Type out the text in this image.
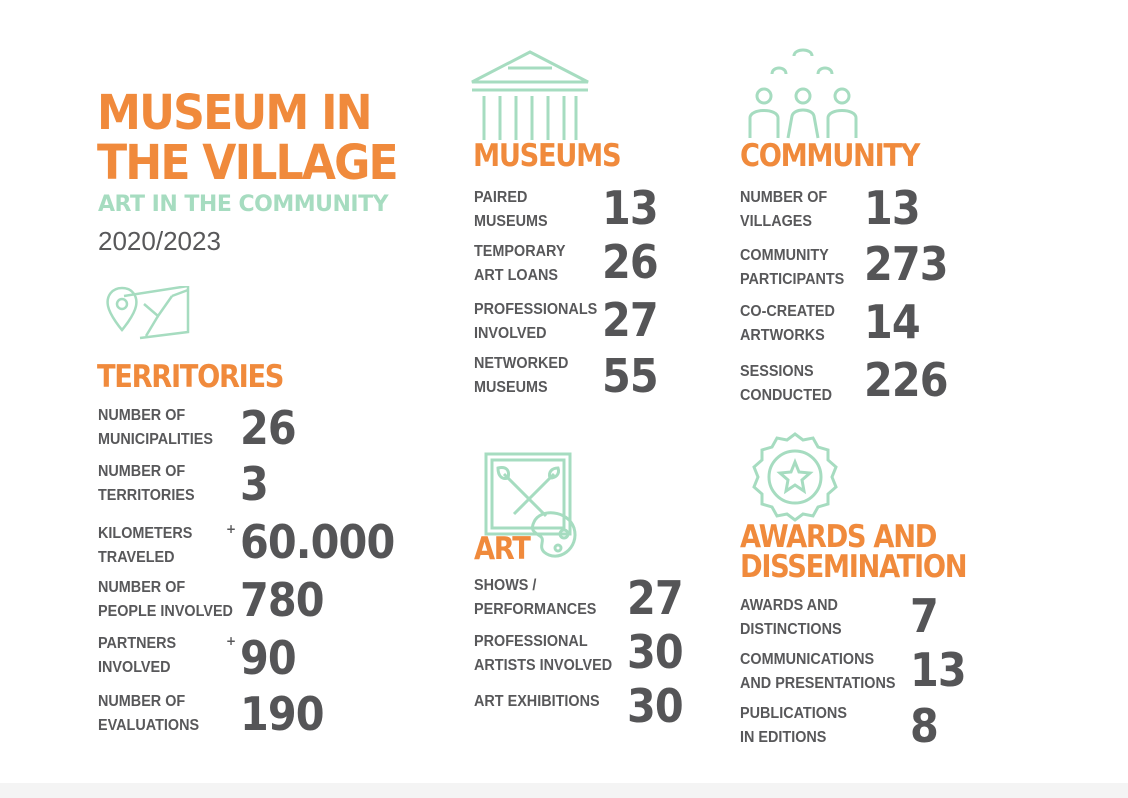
MUSEUM IN
THE VILLAGE
ART IN THE COMMUNITY
2020/2023
TERRITORIES
NUMBER OF
MUNICIPALITIES 26
NUMBER OF
TERRITORIES 3
KILOMETERS
TRAVELED
+ 60.000
NUMBER OF
PEOPLE INVOLVED 780
PARTNERS
INVOLVED
+ 90
NUMBER OF
EVALUATIONS 190
MUSEUMS
PAIRED
MUSEUMS 13
TEMPORARY
ART LOANS 26
PROFESSIONALS
INVOLVED 27
NETWORKED
MUSEUMS 55
ART
SHOWS /
PERFORMANCES 27
PROFESSIONAL
ARTISTS INVOLVED 30
ART EXHIBITIONS 30
COMMUNITY
NUMBER OF
VILLAGES 13
COMMUNITY
PARTICIPANTS 273
CO-CREATED
ARTWORKS 14
SESSIONS
CONDUCTED 226
AWARDS AND
DISSEMINATION
AWARDS AND
DISTINCTIONS 7
COMMUNICATIONS
AND PRESENTATIONS 13
PUBLICATIONS
IN EDITIONS 8
